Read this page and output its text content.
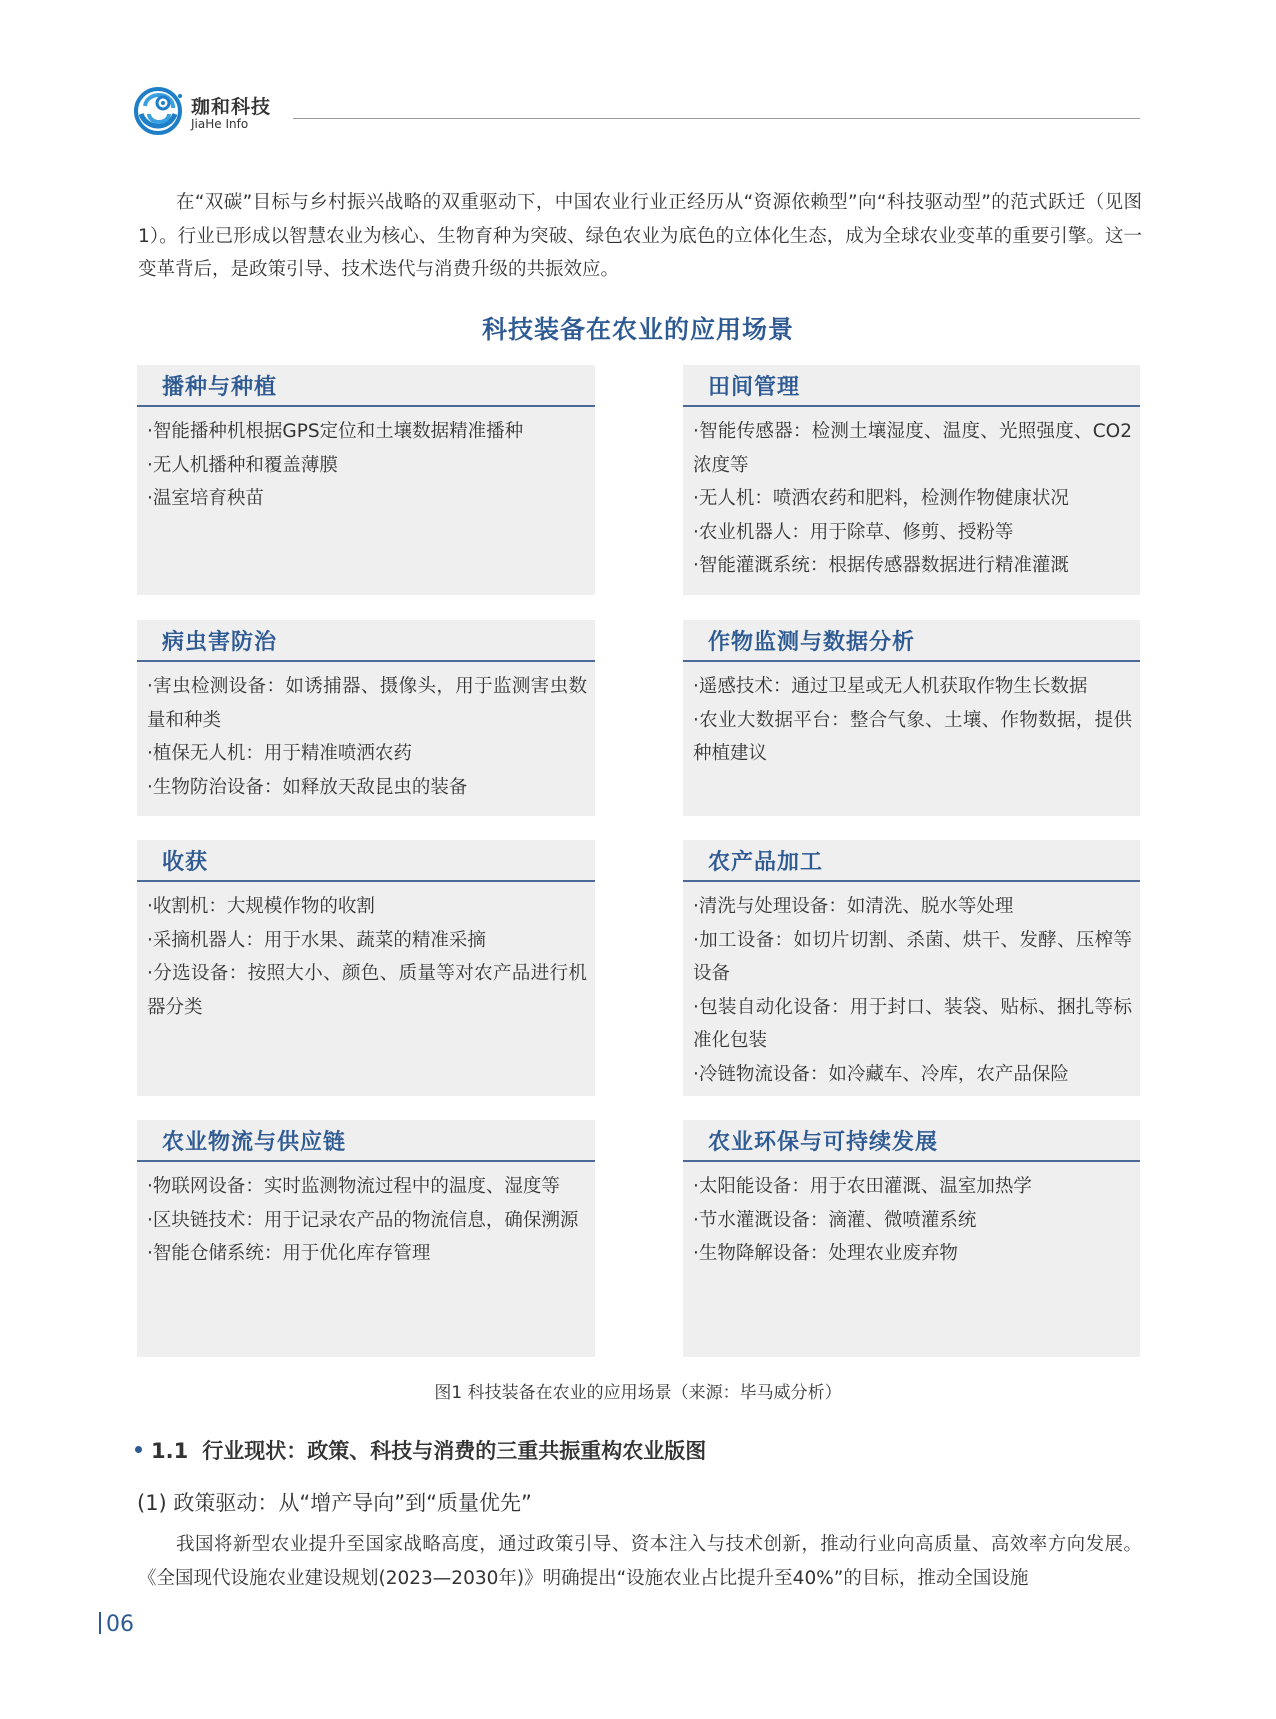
珈和科技
JiaHe Info

在“双碳”目标与乡村振兴战略的双重驱动下，中国农业行业正经历从“资源依赖型”向“科技驱动型”的范式跃迁（见图1）。行业已形成以智慧农业为核心、生物育种为突破、绿色农业为底色的立体化生态，成为全球农业变革的重要引擎。这一变革背后，是政策引导、技术迭代与消费升级的共振效应。

科技装备在农业的应用场景
播种与种植
·智能播种机根据GPS定位和土壤数据精准播种
·无人机播种和覆盖薄膜
·温室培育秧苗
田间管理
·智能传感器：检测土壤湿度、温度、光照强度、CO2浓度等
·无人机：喷洒农药和肥料，检测作物健康状况
·农业机器人：用于除草、修剪、授粉等
·智能灌溉系统：根据传感器数据进行精准灌溉
病虫害防治
·害虫检测设备：如诱捕器、摄像头，用于监测害虫数量和种类
·植保无人机：用于精准喷洒农药
·生物防治设备：如释放天敌昆虫的装备
作物监测与数据分析
·遥感技术：通过卫星或无人机获取作物生长数据
·农业大数据平台：整合气象、土壤、作物数据，提供种植建议
收获
·收割机：大规模作物的收割
·采摘机器人：用于水果、蔬菜的精准采摘
·分选设备：按照大小、颜色、质量等对农产品进行机器分类
农产品加工
·清洗与处理设备：如清洗、脱水等处理
·加工设备：如切片切割、杀菌、烘干、发酵、压榨等设备
·包装自动化设备：用于封口、装袋、贴标、捆扎等标准化包装
·冷链物流设备：如冷藏车、冷库，农产品保险
农业物流与供应链
·物联网设备：实时监测物流过程中的温度、湿度等
·区块链技术：用于记录农产品的物流信息，确保溯源
·智能仓储系统：用于优化库存管理
农业环保与可持续发展
·太阳能设备：用于农田灌溉、温室加热学
·节水灌溉设备：滴灌、微喷灌系统
·生物降解设备：处理农业废弃物
图1 科技装备在农业的应用场景（来源：毕马威分析）
1.1 行业现状：政策、科技与消费的三重共振重构农业版图
(1) 政策驱动：从“增产导向”到“质量优先”

我国将新型农业提升至国家战略高度，通过政策引导、资本注入与技术创新，推动行业向高质量、高效率方向发展。《全国现代设施农业建设规划(2023—2030年)》明确提出“设施农业占比提升至40%”的目标，推动全国设施

06
